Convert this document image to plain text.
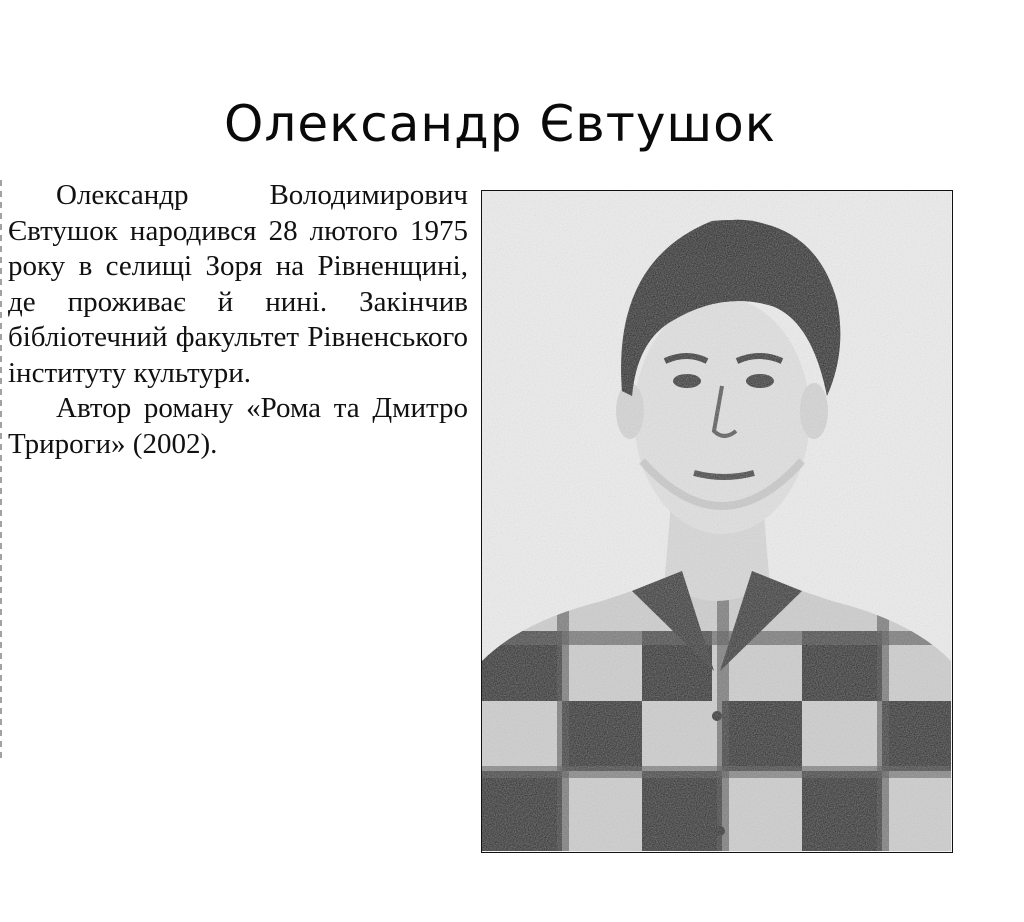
Олександр Євтушок

Олександр Володимирович Євтушок народився 28 лютого 1975 року в селищі Зоря на Рівненщині, де проживає й нині. Закінчив бібліотечний факультет Рівненського інституту культури.

Автор роману «Рома та Дмитро Трироги» (2002).
